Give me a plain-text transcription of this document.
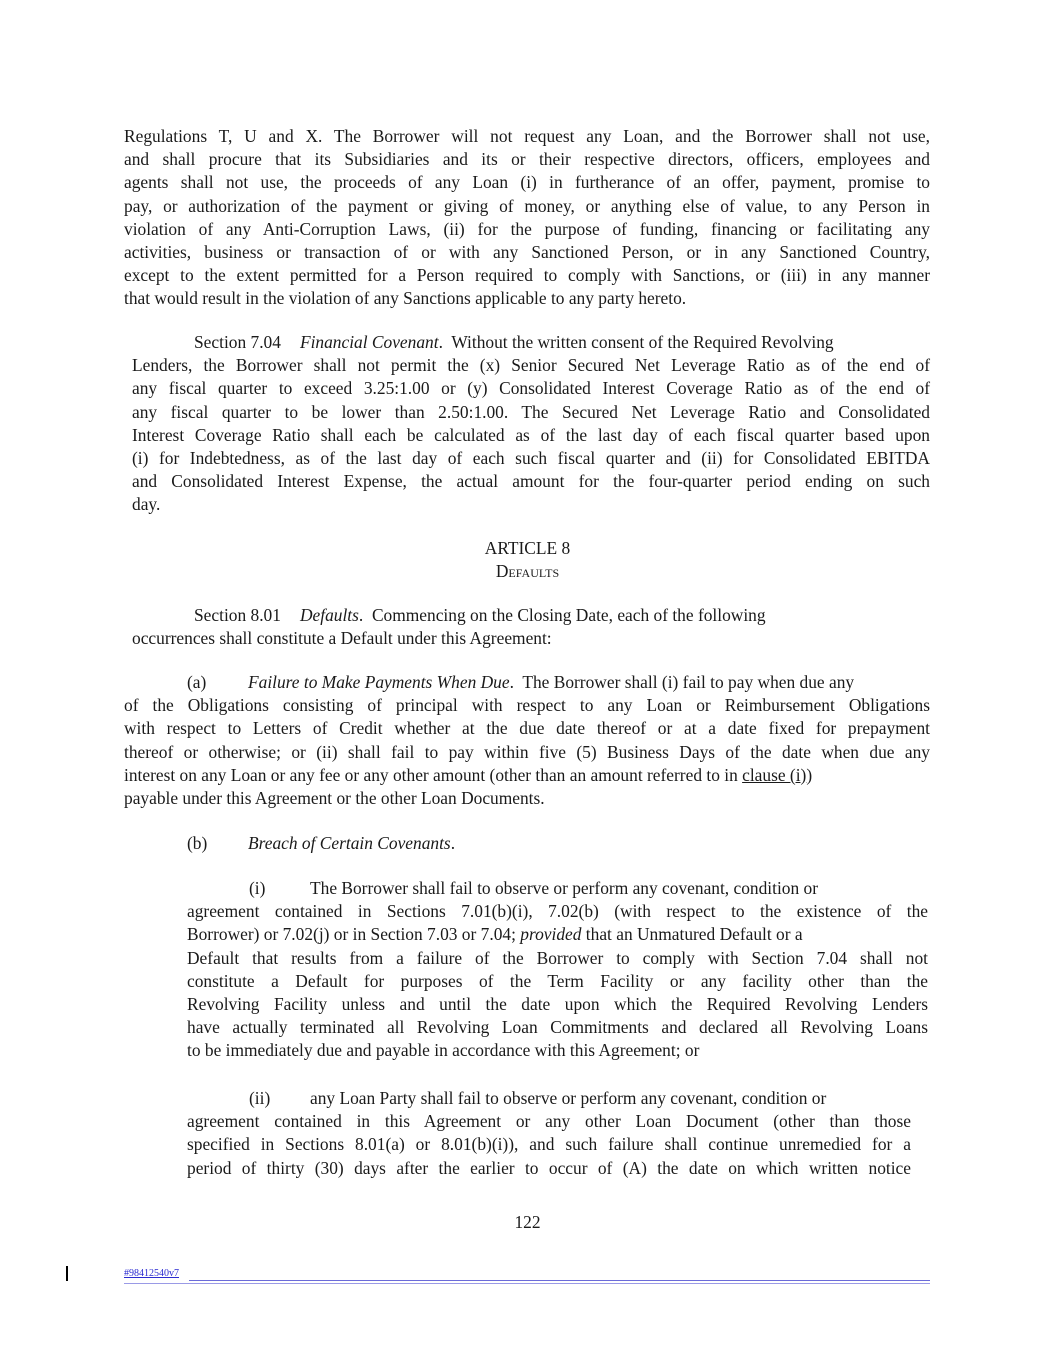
Regulations T, U and X. The Borrower will not request any Loan, and the Borrower shall not use,
and shall procure that its Subsidiaries and its or their respective directors, officers, employees and
agents shall not use, the proceeds of any Loan (i) in furtherance of an offer, payment, promise to
pay, or authorization of the payment or giving of money, or anything else of value, to any Person in
violation of any Anti-Corruption Laws, (ii) for the purpose of funding, financing or facilitating any
activities, business or transaction of or with any Sanctioned Person, or in any Sanctioned Country,
except to the extent permitted for a Person required to comply with Sanctions, or (iii) in any manner
that would result in the violation of any Sanctions applicable to any party hereto.
Section 7.04 Financial Covenant.  Without the written consent of the Required Revolving
Lenders, the Borrower shall not permit the (x) Senior Secured Net Leverage Ratio as of the end of
any fiscal quarter to exceed 3.25:1.00 or (y) Consolidated Interest Coverage Ratio as of the end of
any fiscal quarter to be lower than 2.50:1.00. The Secured Net Leverage Ratio and Consolidated
Interest Coverage Ratio shall each be calculated as of the last day of each fiscal quarter based upon
(i) for Indebtedness, as of the last day of each such fiscal quarter and (ii) for Consolidated EBITDA
and Consolidated Interest Expense, the actual amount for the four-quarter period ending on such
day.
ARTICLE 8
Defaults
Section 8.01 Defaults.  Commencing on the Closing Date, each of the following
occurrences shall constitute a Default under this Agreement:
(a) Failure to Make Payments When Due.  The Borrower shall (i) fail to pay when due any
of the Obligations consisting of principal with respect to any Loan or Reimbursement Obligations
with respect to Letters of Credit whether at the due date thereof or at a date fixed for prepayment
thereof or otherwise; or (ii) shall fail to pay within five (5) Business Days of the date when due any
interest on any Loan or any fee or any other amount (other than an amount referred to in clause (i))
payable under this Agreement or the other Loan Documents.
(b) Breach of Certain Covenants.
(i)	The Borrower shall fail to observe or perform any covenant, condition or
agreement contained in Sections 7.01(b)(i), 7.02(b) (with respect to the existence of the
Borrower) or 7.02(j) or in Section 7.03 or 7.04; provided that an Unmatured Default or a
Default that results from a failure of the Borrower to comply with Section 7.04 shall not
constitute a Default for purposes of the Term Facility or any facility other than the
Revolving Facility unless and until the date upon which the Required Revolving Lenders
have actually terminated all Revolving Loan Commitments and declared all Revolving Loans
to be immediately due and payable in accordance with this Agreement; or
(ii) any Loan Party shall fail to observe or perform any covenant, condition or
agreement contained in this Agreement or any other Loan Document (other than those
specified in Sections 8.01(a) or 8.01(b)(i)), and such failure shall continue unremedied for a
period of thirty (30) days after the earlier to occur of (A) the date on which written notice
122
#98412540v7
